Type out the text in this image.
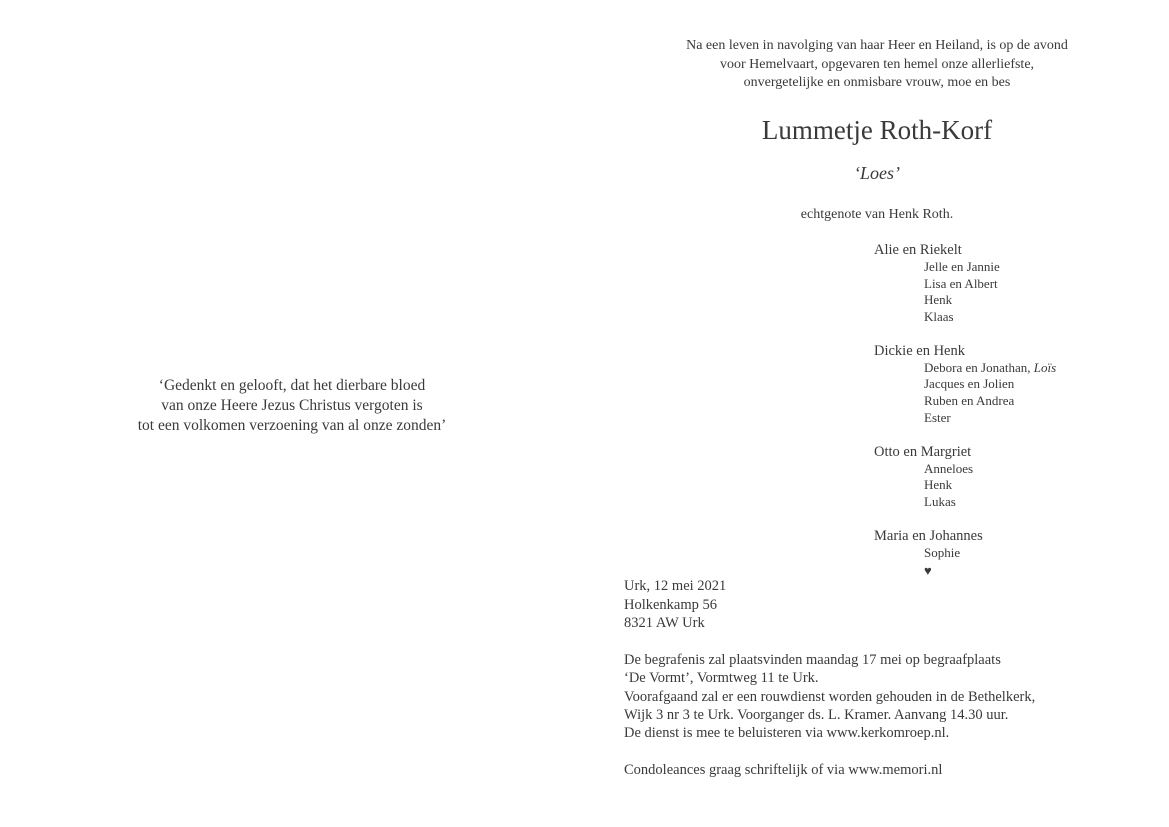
‘Gedenkt en gelooft, dat het dierbare bloed
van onze Heere Jezus Christus vergoten is
tot een volkomen verzoening van al onze zonden’
Na een leven in navolging van haar Heer en Heiland, is op de avond
voor Hemelvaart, opgevaren ten hemel onze allerliefste,
onvergetelijke en onmisbare vrouw, moe en bes
Lummetje Roth-Korf
‘Loes’
echtgenote van Henk Roth.
Alie en Riekelt
Jelle en Jannie
Lisa en Albert
Henk
Klaas
Dickie en Henk
Debora en Jonathan, Loïs
Jacques en Jolien
Ruben en Andrea
Ester
Otto en Margriet
Anneloes
Henk
Lukas
Maria en Johannes
Sophie
♥
Urk, 12 mei 2021
Holkenkamp 56
8321 AW Urk
De begrafenis zal plaatsvinden maandag 17 mei op begraafplaats
‘De Vormt’, Vormtweg 11 te Urk.
Voorafgaand zal er een rouwdienst worden gehouden in de Bethelkerk,
Wijk 3 nr 3 te Urk. Voorganger ds. L. Kramer. Aanvang 14.30 uur.
De dienst is mee te beluisteren via www.kerkomroep.nl.
Condoleances graag schriftelijk of via www.memori.nl
